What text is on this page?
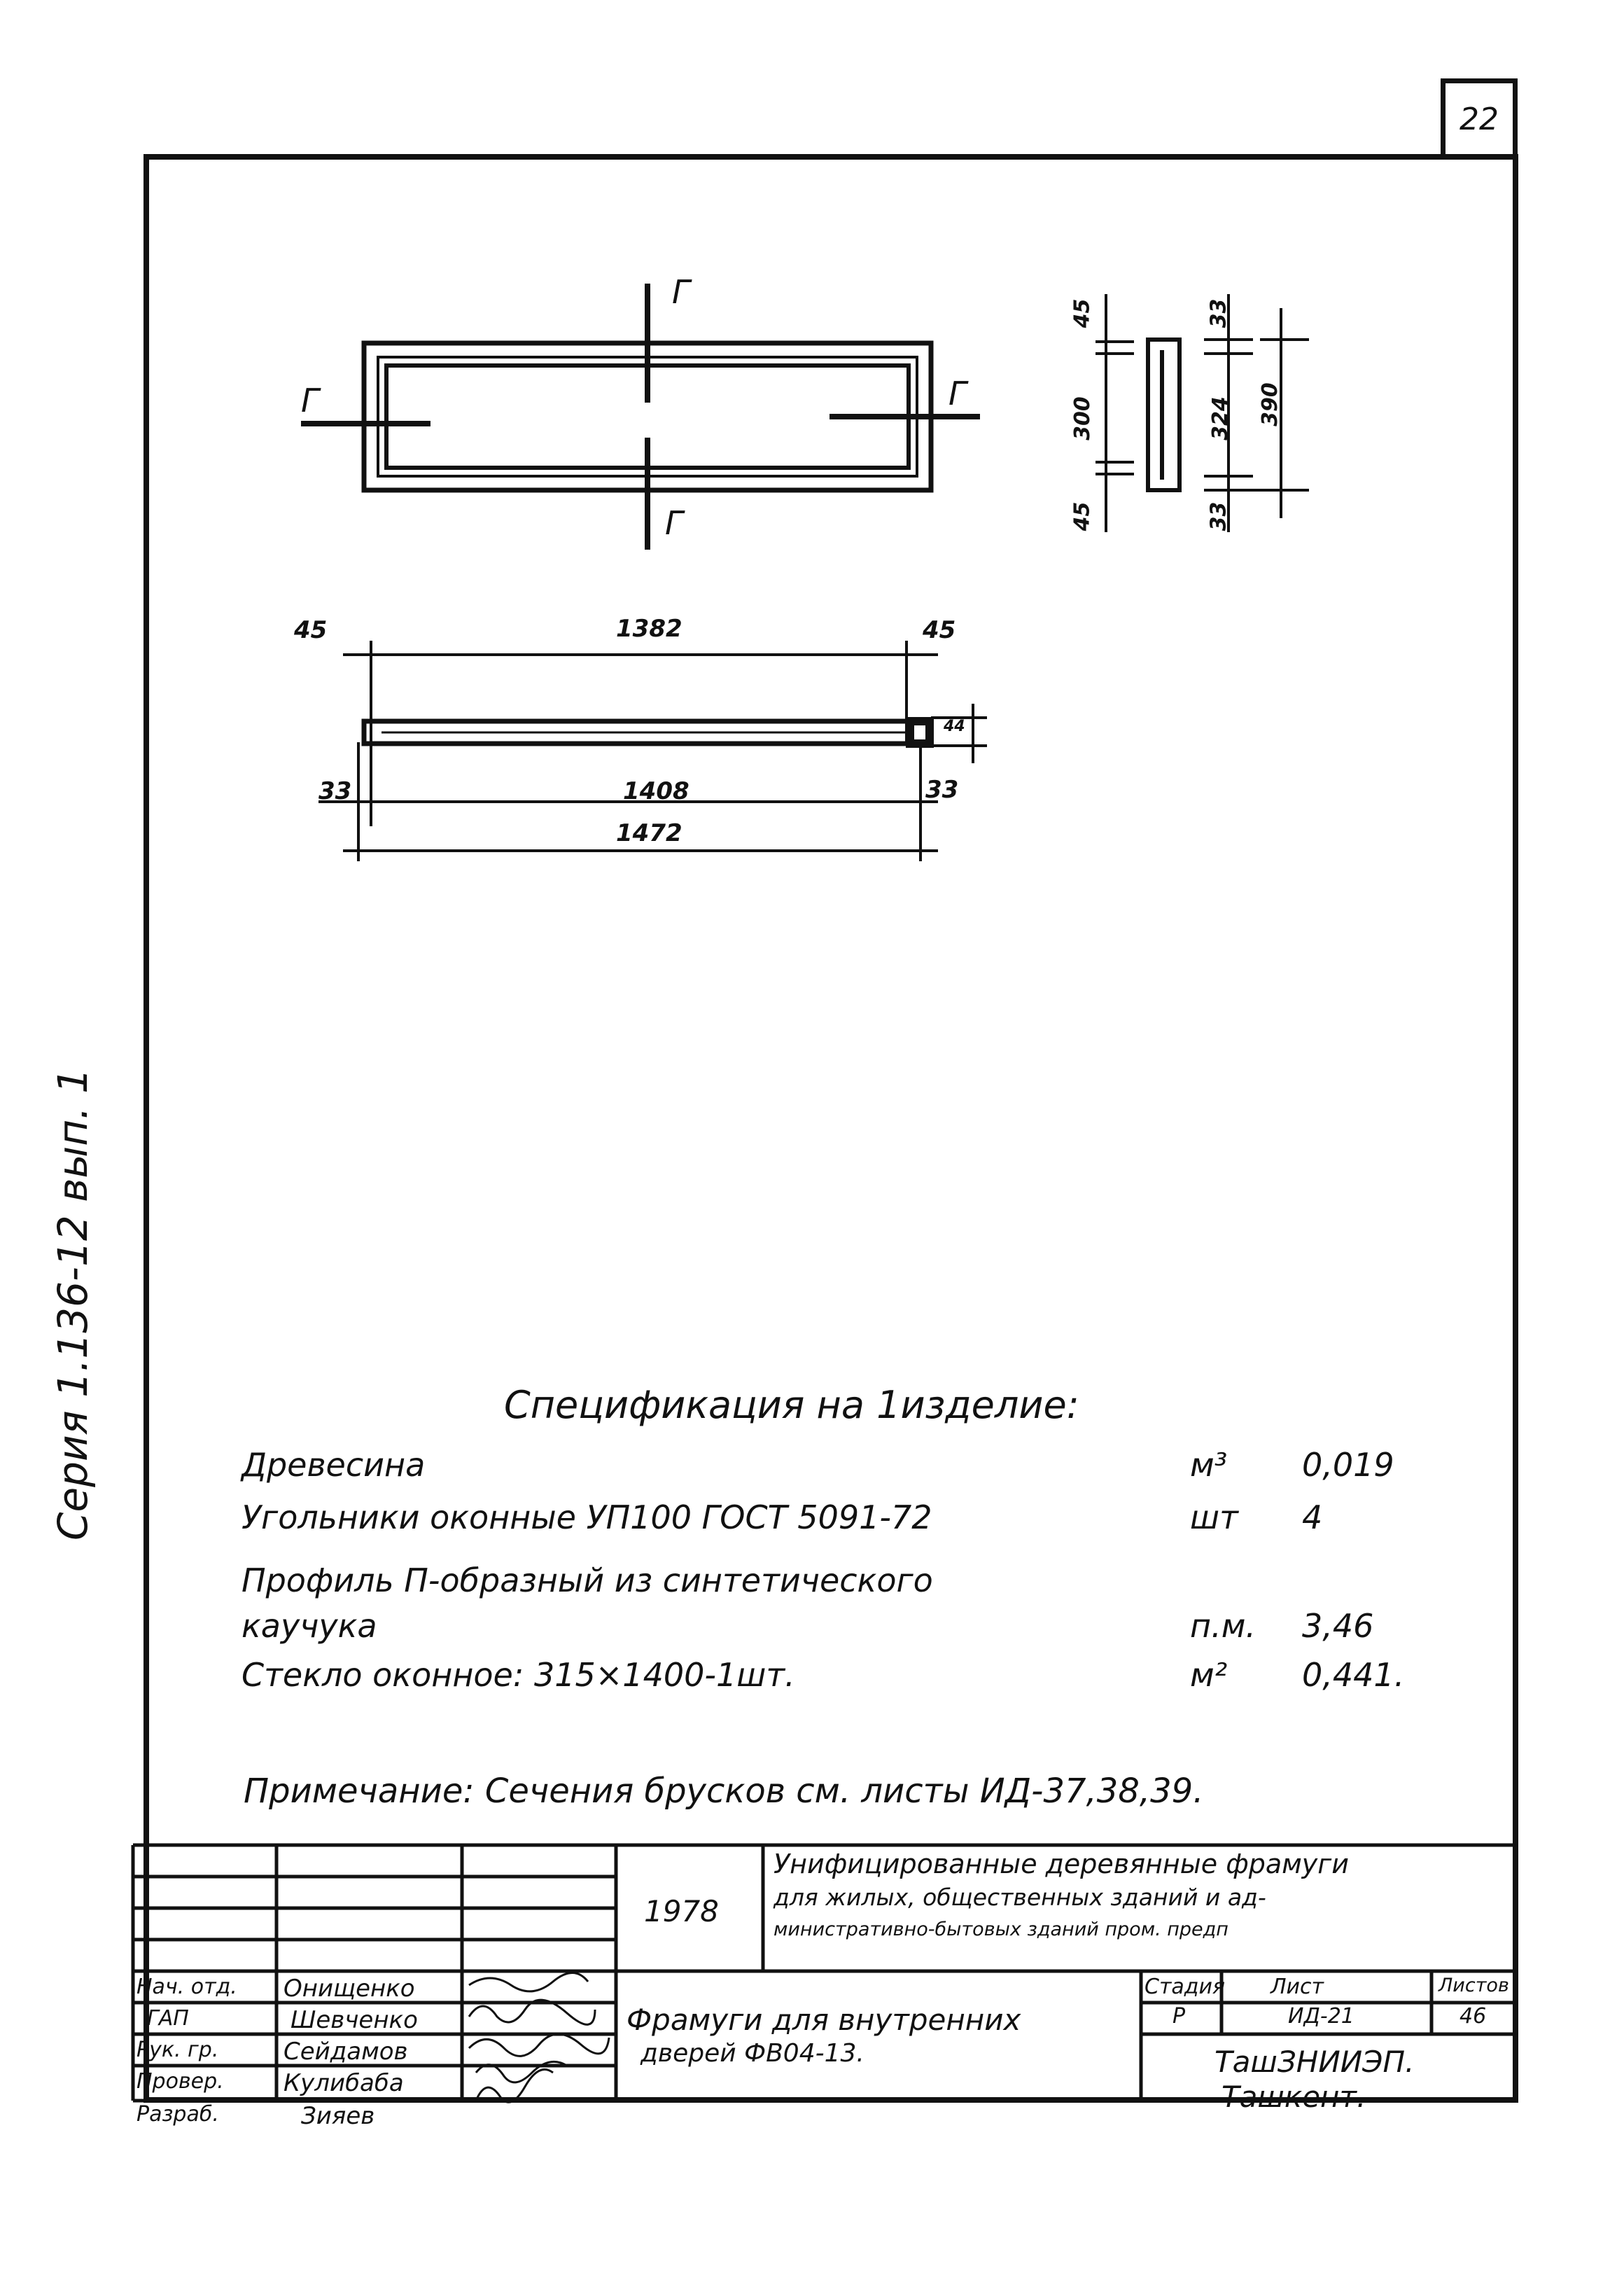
22
Серия 1.136-12 вып. 1
Г
Г	Г
Г
45
300
45
33
324
33
390
45	1382	45
33	1408	33
1472
44
Спецификация на 1изделие:
Древесина	м³ 0,019
Угольники оконные УП100 ГОСТ 5091-72	шт 4
Профиль П-образный из синтетического
каучука	п.м. 3,46
Стекло оконное: 315×1400-1шт.	м² 0,441.
Примечание: Сечения брусков см. листы ИД-37,38,39.
1978
Унифицированные деревянные фрамуги
для жилых, общественных зданий и ад-
министративно-бытовых зданий пром. предп
Нач. отд. Онищенко
ГАП	Шевченко
Рук. гр.	Сейдамов
Провер.	Кулибаба
Разраб.	Зияев
Фрамуги для внутренних
дверей ФВ04-13.
Стадия Лист	Листов
Р	ИД-21	46
ТашЗНИИЭП.
Ташкент.
